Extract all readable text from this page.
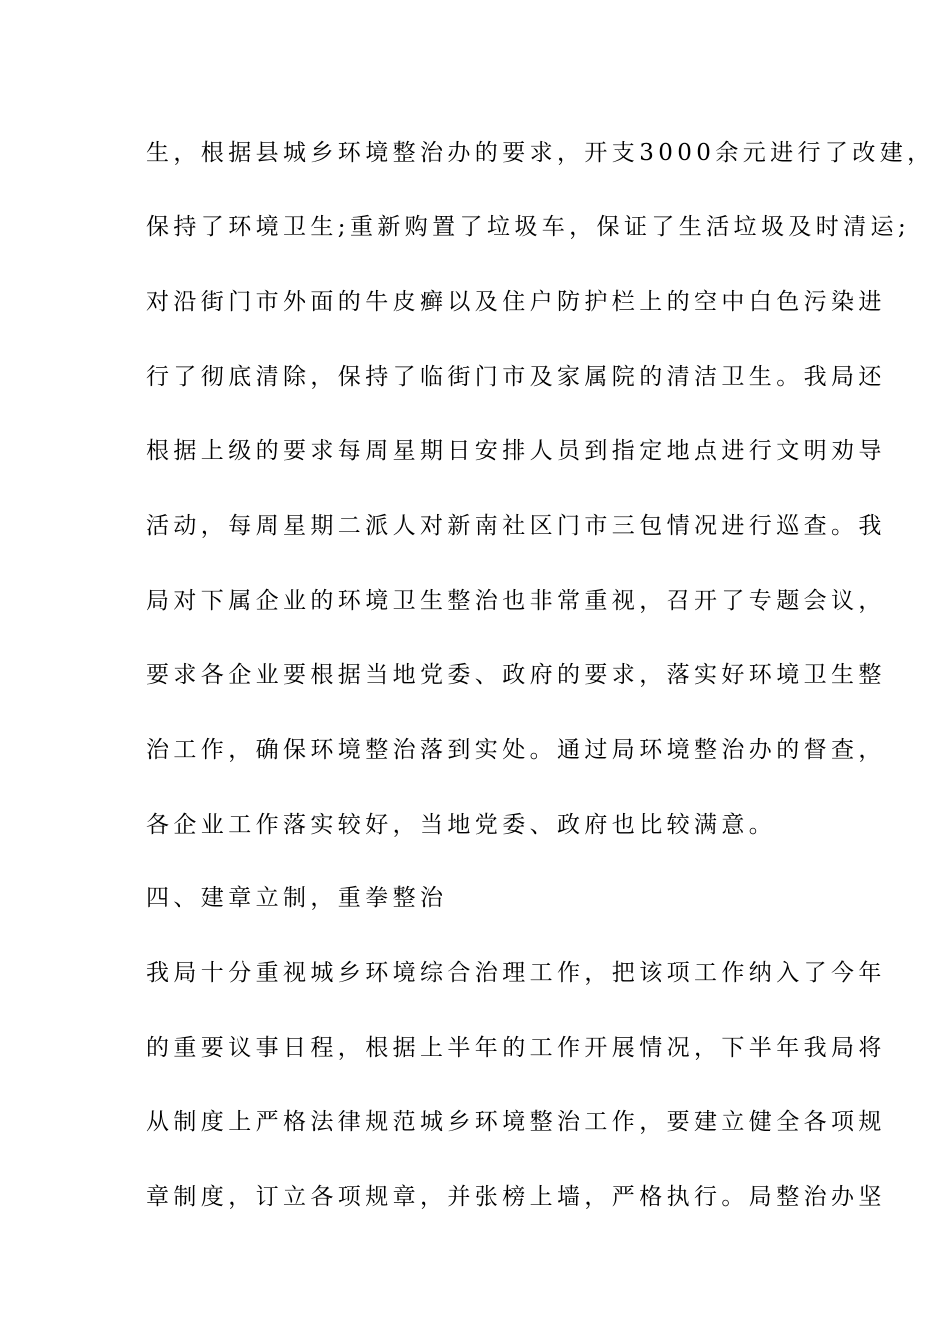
生，根据县城乡环境整治办的要求，开支3000余元进行了改建，
保持了环境卫生;重新购置了垃圾车，保证了生活垃圾及时清运;
对沿街门市外面的牛皮癣以及住户防护栏上的空中白色污染进
行了彻底清除，保持了临街门市及家属院的清洁卫生。我局还
根据上级的要求每周星期日安排人员到指定地点进行文明劝导
活动，每周星期二派人对新南社区门市三包情况进行巡查。我
局对下属企业的环境卫生整治也非常重视，召开了专题会议，
要求各企业要根据当地党委、政府的要求，落实好环境卫生整
治工作，确保环境整治落到实处。通过局环境整治办的督查，
各企业工作落实较好，当地党委、政府也比较满意。
四、建章立制，重拳整治
我局十分重视城乡环境综合治理工作，把该项工作纳入了今年
的重要议事日程，根据上半年的工作开展情况，下半年我局将
从制度上严格法律规范城乡环境整治工作，要建立健全各项规
章制度，订立各项规章，并张榜上墙，严格执行。局整治办坚
